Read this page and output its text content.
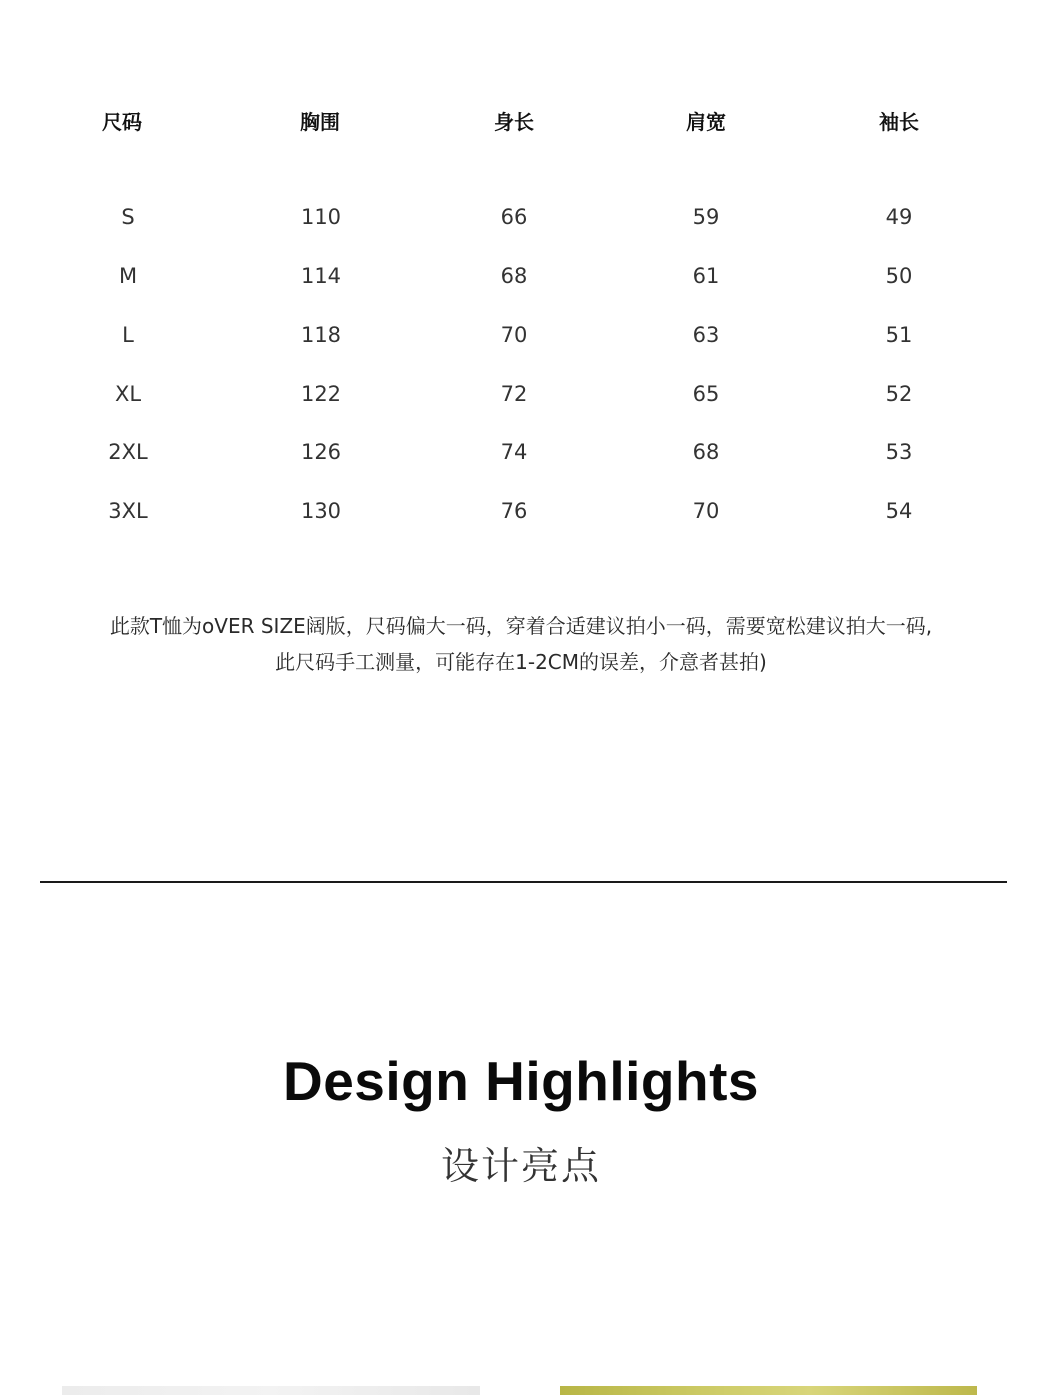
尺码	胸围	身长	肩宽	袖长
S	110	66	59	49
M	114	68	61	50
L	118	70	63	51
XL	122	72	65	52
2XL	126	74	68	53
3XL	130	76	70	54
此款T恤为oVER SIZE阔版，尺码偏大一码，穿着合适建议拍小一码，需要宽松建议拍大一码,
此尺码手工测量，可能存在1-2CM的误差，介意者甚拍)
Design Highlights
设计亮点
